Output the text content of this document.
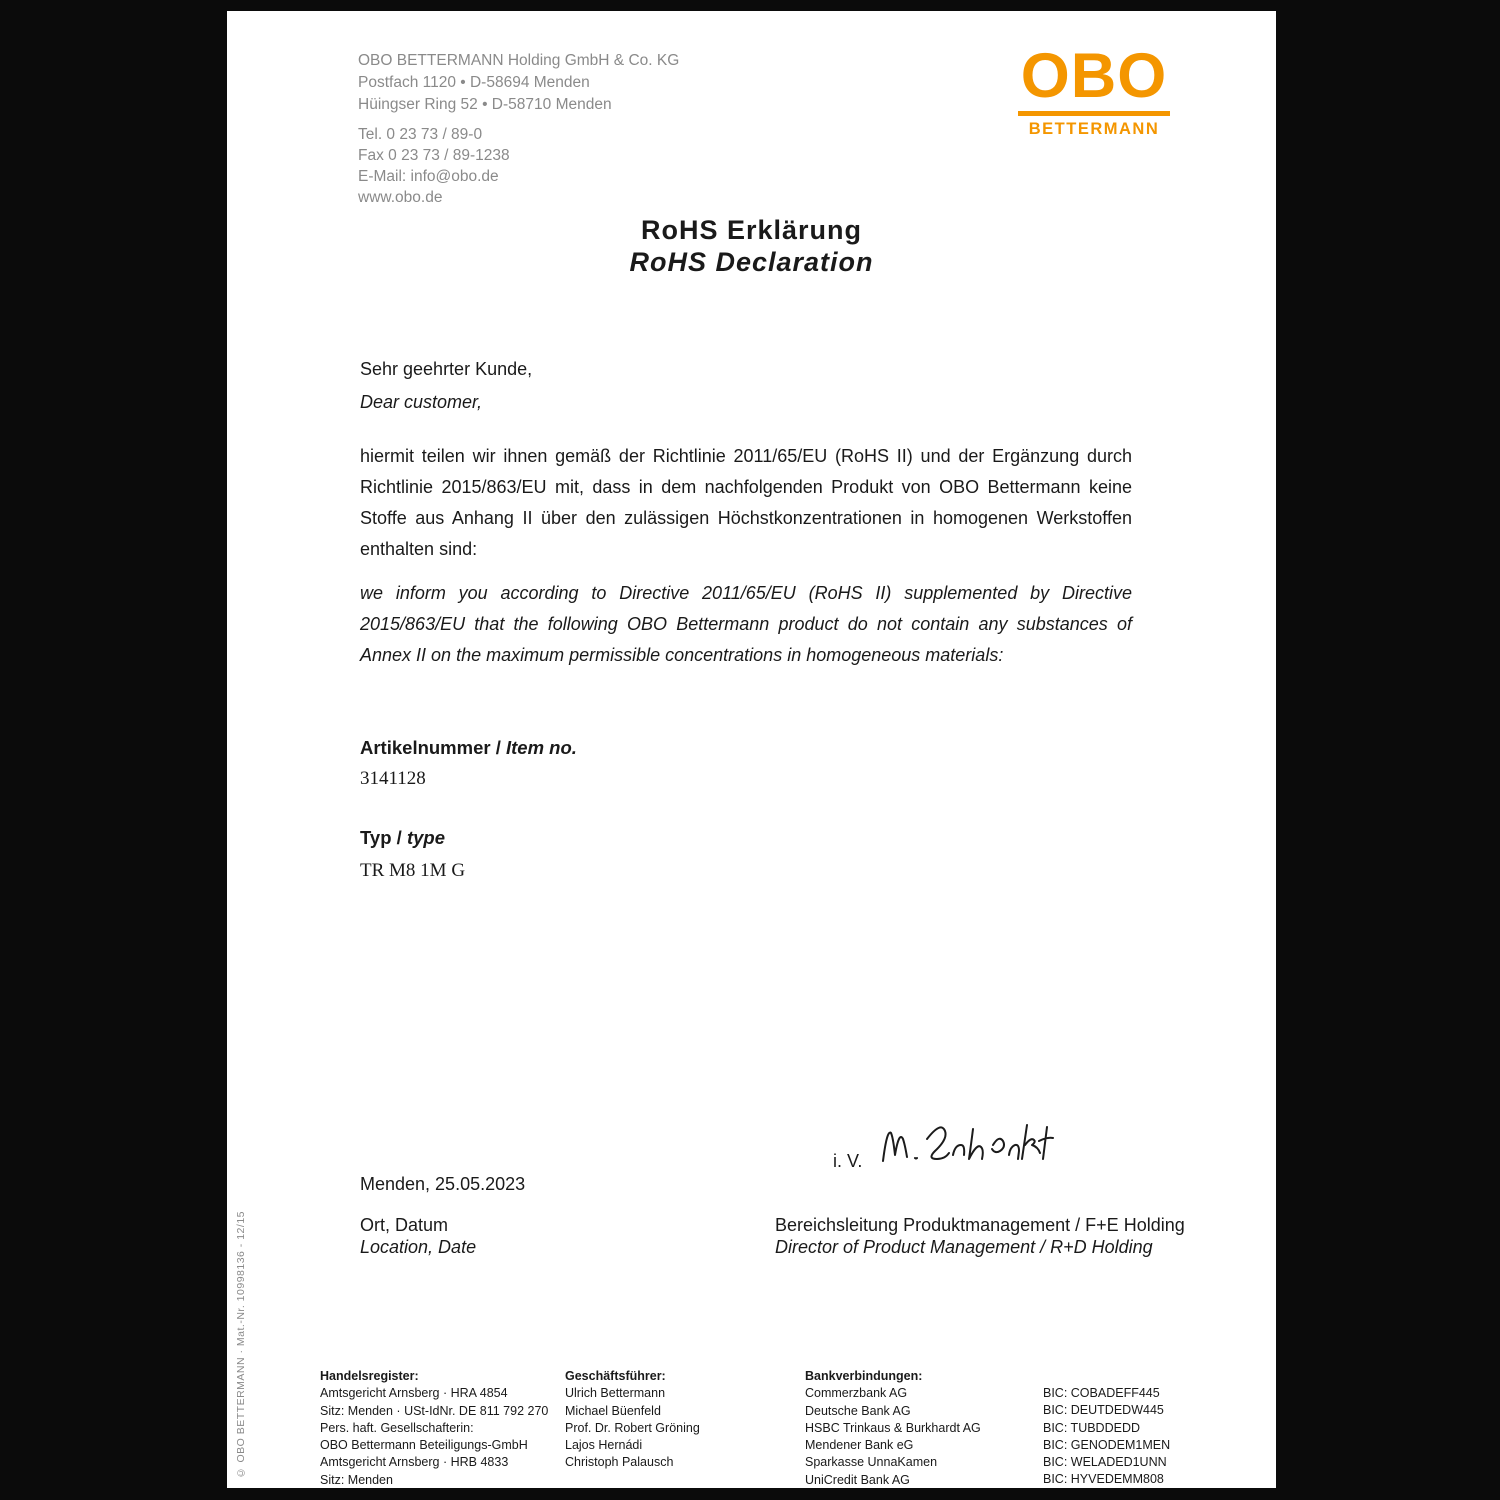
OBO BETTERMANN Holding GmbH & Co. KG
Postfach 1120 • D-58694 Menden
Hüingser Ring 52 • D-58710 Menden
Tel. 0 23 73 / 89-0
Fax 0 23 73 / 89-1238
E-Mail: info@obo.de
www.obo.de
OBO
BETTERMANN
RoHS Erklärung
RoHS Declaration
Sehr geehrter Kunde,
Dear customer,
hiermit teilen wir ihnen gemäß der Richtlinie 2011/65/EU (RoHS II) und der Ergänzung durch Richtlinie 2015/863/EU mit, dass in dem nachfolgenden Produkt von OBO Bettermann keine Stoffe aus Anhang II über den zulässigen Höchstkonzentrationen in homogenen Werkstoffen enthalten sind:
we inform you according to Directive 2011/65/EU (RoHS II) supplemented by Directive 2015/863/EU that the following OBO Bettermann product do not contain any substances of Annex II on the maximum permissible concentrations in homogeneous materials:
Artikelnummer / Item no.
3141128
Typ / type
TR M8 1M G
i. V.
Menden, 25.05.2023
Ort, Datum
Location, Date
Bereichsleitung Produktmanagement / F+E Holding
Director of Product Management / R+D Holding
Handelsregister:
Amtsgericht Arnsberg · HRA 4854
Sitz: Menden · USt-IdNr. DE 811 792 270
Pers. haft. Gesellschafterin:
OBO Bettermann Beteiligungs-GmbH
Amtsgericht Arnsberg · HRB 4833
Sitz: Menden
Geschäftsführer:
Ulrich Bettermann
Michael Büenfeld
Prof. Dr. Robert Gröning
Lajos Hernádi
Christoph Palausch
Bankverbindungen:
Commerzbank AG
Deutsche Bank AG
HSBC Trinkaus & Burkhardt AG
Mendener Bank eG
Sparkasse UnnaKamen
UniCredit Bank AG
BIC: COBADEFF445
BIC: DEUTDEDW445
BIC: TUBDDEDD
BIC: GENODEM1MEN
BIC: WELADED1UNN
BIC: HYVEDEMM808
© OBO BETTERMANN · Mat.-Nr. 10998136 - 12/15
